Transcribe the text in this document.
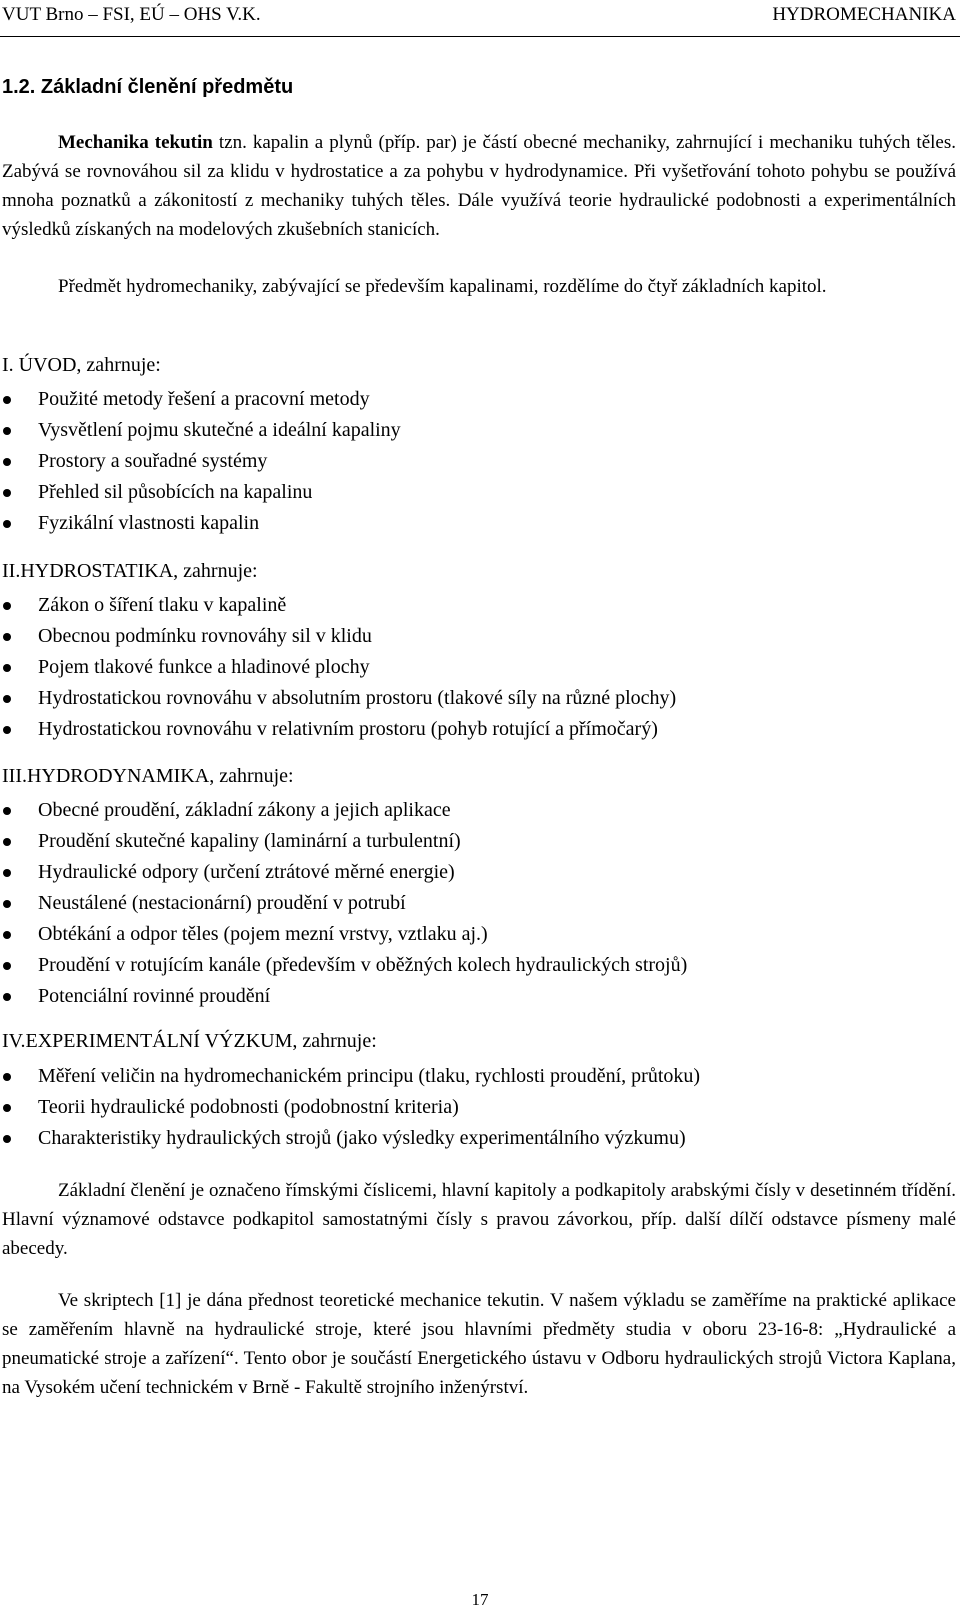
VUT Brno – FSI, EÚ – OHS V.K.	HYDROMECHANIKA
1.2. Základní členění předmětu

Mechanika tekutin tzn. kapalin a plynů (příp. par) je částí obecné mechaniky, zahrnující i mechaniku tuhých těles. Zabývá se rovnováhou sil za klidu v hydrostatice a za pohybu v hydrodynamice. Při vyšetřování tohoto pohybu se používá mnoha poznatků a zákonitostí z mechaniky tuhých těles. Dále využívá teorie hydraulické podobnosti a experimentálních výsledků získaných na modelových zkušebních stanicích.

Předmět hydromechaniky, zabývající se především kapalinami, rozdělíme do čtyř základních kapitol.

I. ÚVOD, zahrnuje:
Použité metody řešení a pracovní metody
Vysvětlení pojmu skutečné a ideální kapaliny
Prostory a souřadné systémy
Přehled sil působících na kapalinu
Fyzikální vlastnosti kapalin
II.HYDROSTATIKA, zahrnuje:
Zákon o šíření tlaku v kapalině
Obecnou podmínku rovnováhy sil v klidu
Pojem tlakové funkce a hladinové plochy
Hydrostatickou rovnováhu v absolutním prostoru (tlakové síly na různé plochy)
Hydrostatickou rovnováhu v relativním prostoru (pohyb rotující a přímočarý)
III.HYDRODYNAMIKA, zahrnuje:
Obecné proudění, základní zákony a jejich aplikace
Proudění skutečné kapaliny (laminární a turbulentní)
Hydraulické odpory (určení ztrátové měrné energie)
Neustálené (nestacionární) proudění v potrubí
Obtékání a odpor těles (pojem mezní vrstvy, vztlaku aj.)
Proudění v rotujícím kanále (především v oběžných kolech hydraulických strojů)
Potenciální rovinné proudění
IV.EXPERIMENTÁLNÍ VÝZKUM, zahrnuje:
Měření veličin na hydromechanickém principu (tlaku, rychlosti proudění, průtoku)
Teorii hydraulické podobnosti (podobnostní kriteria)
Charakteristiky hydraulických strojů (jako výsledky experimentálního výzkumu)

Základní členění je označeno římskými číslicemi, hlavní kapitoly a podkapitoly arabskými čísly v desetinném třídění. Hlavní významové odstavce podkapitol samostatnými čísly s pravou závorkou, příp. další dílčí odstavce písmeny malé abecedy.

Ve skriptech [1] je dána přednost teoretické mechanice tekutin. V našem výkladu se zaměříme na praktické aplikace se zaměřením hlavně na hydraulické stroje, které jsou hlavními předměty studia v oboru 23-16-8: „Hydraulické a pneumatické stroje a zařízení“. Tento obor je součástí Energetického ústavu v Odboru hydraulických strojů Victora Kaplana, na Vysokém učení technickém v Brně - Fakultě strojního inženýrství.

17
